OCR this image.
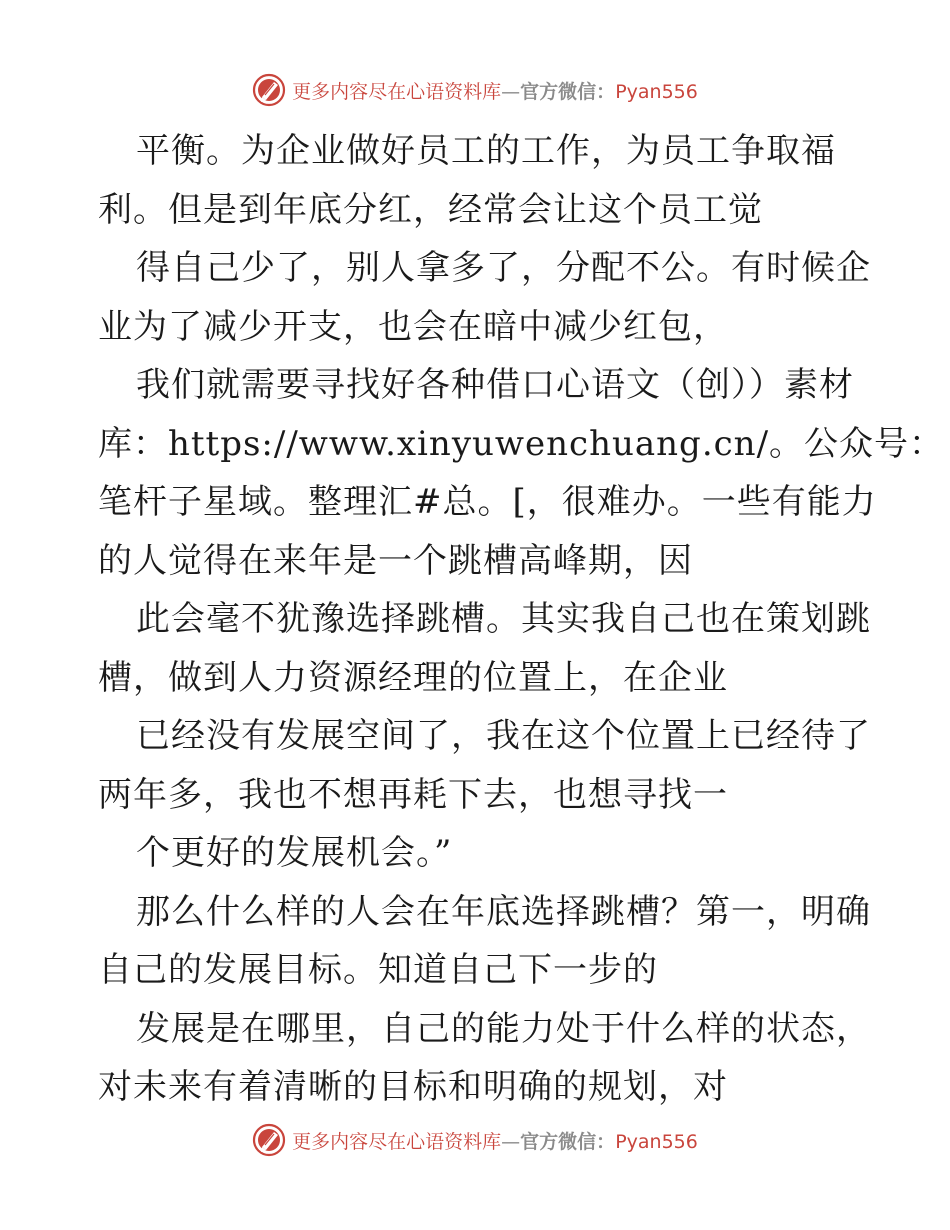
更多内容尽在心语资料库—官方微信：Pyan556
平衡。为企业做好员工的工作，为员工争取福
利。但是到年底分红，经常会让这个员工觉
得自己少了，别人拿多了，分配不公。有时候企
业为了减少开支，也会在暗中减少红包，
我们就需要寻找好各种借口心语文（创））素材
库：https://www.xinyuwenchuang.cn/。公众号：
笔杆子星域。整理汇#总。[，很难办。一些有能力
的人觉得在来年是一个跳槽高峰期，因
此会毫不犹豫选择跳槽。其实我自己也在策划跳
槽，做到人力资源经理的位置上，在企业
已经没有发展空间了，我在这个位置上已经待了
两年多，我也不想再耗下去，也想寻找一
个更好的发展机会。”
那么什么样的人会在年底选择跳槽？第一，明确
自己的发展目标。知道自己下一步的
发展是在哪里，自己的能力处于什么样的状态，
对未来有着清晰的目标和明确的规划，对
更多内容尽在心语资料库—官方微信：Pyan556
